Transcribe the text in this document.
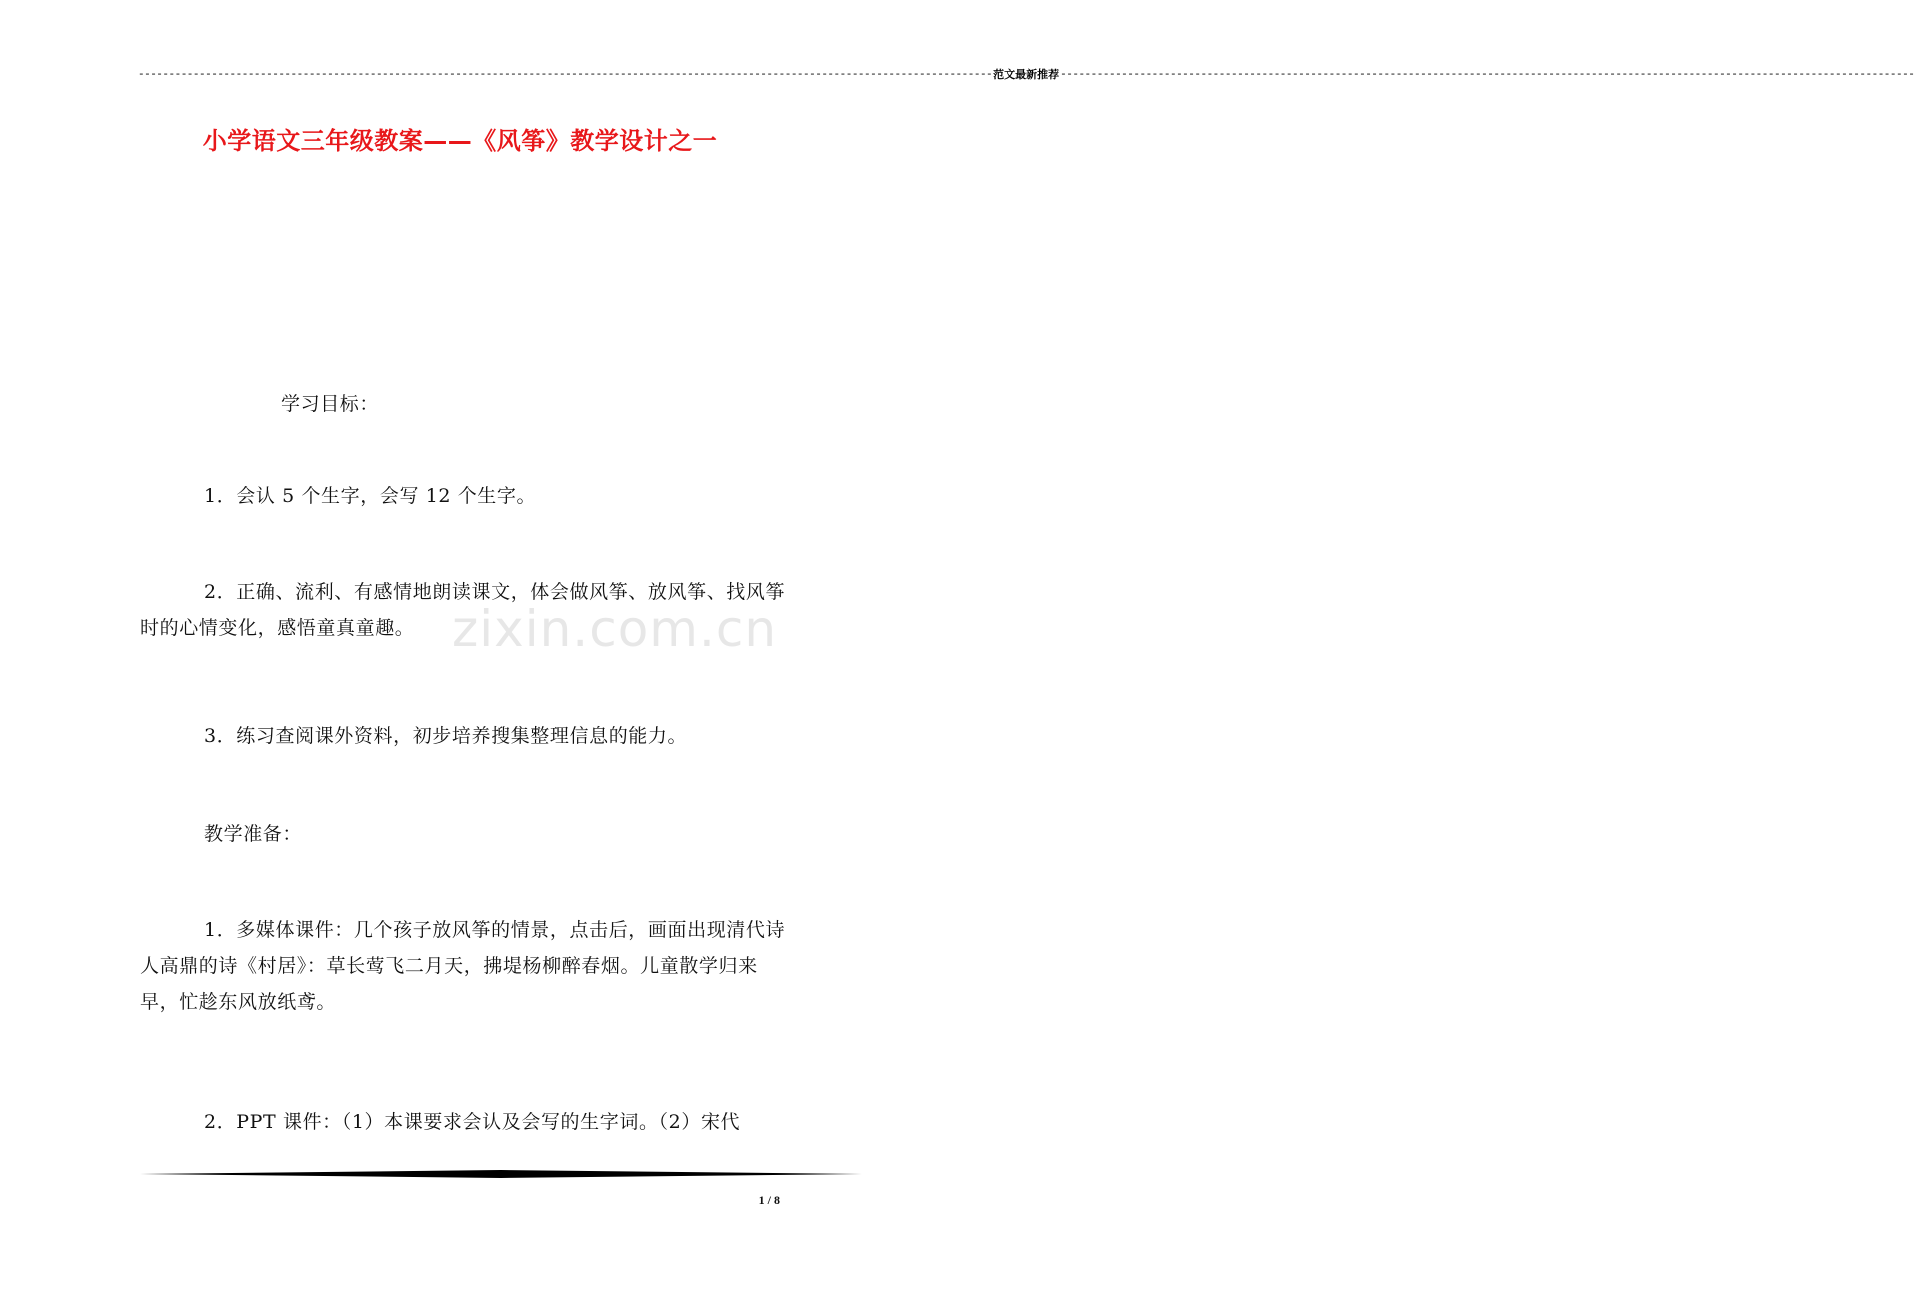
-------------------------------------------------------------------------------------------------------------------------------------------- 范文最新推荐 --------------------------------------------------------------------------------------------------------------------------------------------
小学语文三年级教案——《风筝》教学设计之一
学习目标：

1．会认 5 个生字，会写 12 个生字。

2．正确、流利、有感情地朗读课文，体会做风筝、放风筝、找风筝时的心情变化，感悟童真童趣。

3．练习查阅课外资料，初步培养搜集整理信息的能力。

教学准备：

1．多媒体课件：几个孩子放风筝的情景，点击后，画面出现清代诗人高鼎的诗《村居》：草长莺飞二月天，拂堤杨柳醉春烟。儿童散学归来早，忙趁东风放纸鸢。

2．PPT 课件：（1）本课要求会认及会写的生字词。（2）宋代

zixin.com.cn
1 / 8
